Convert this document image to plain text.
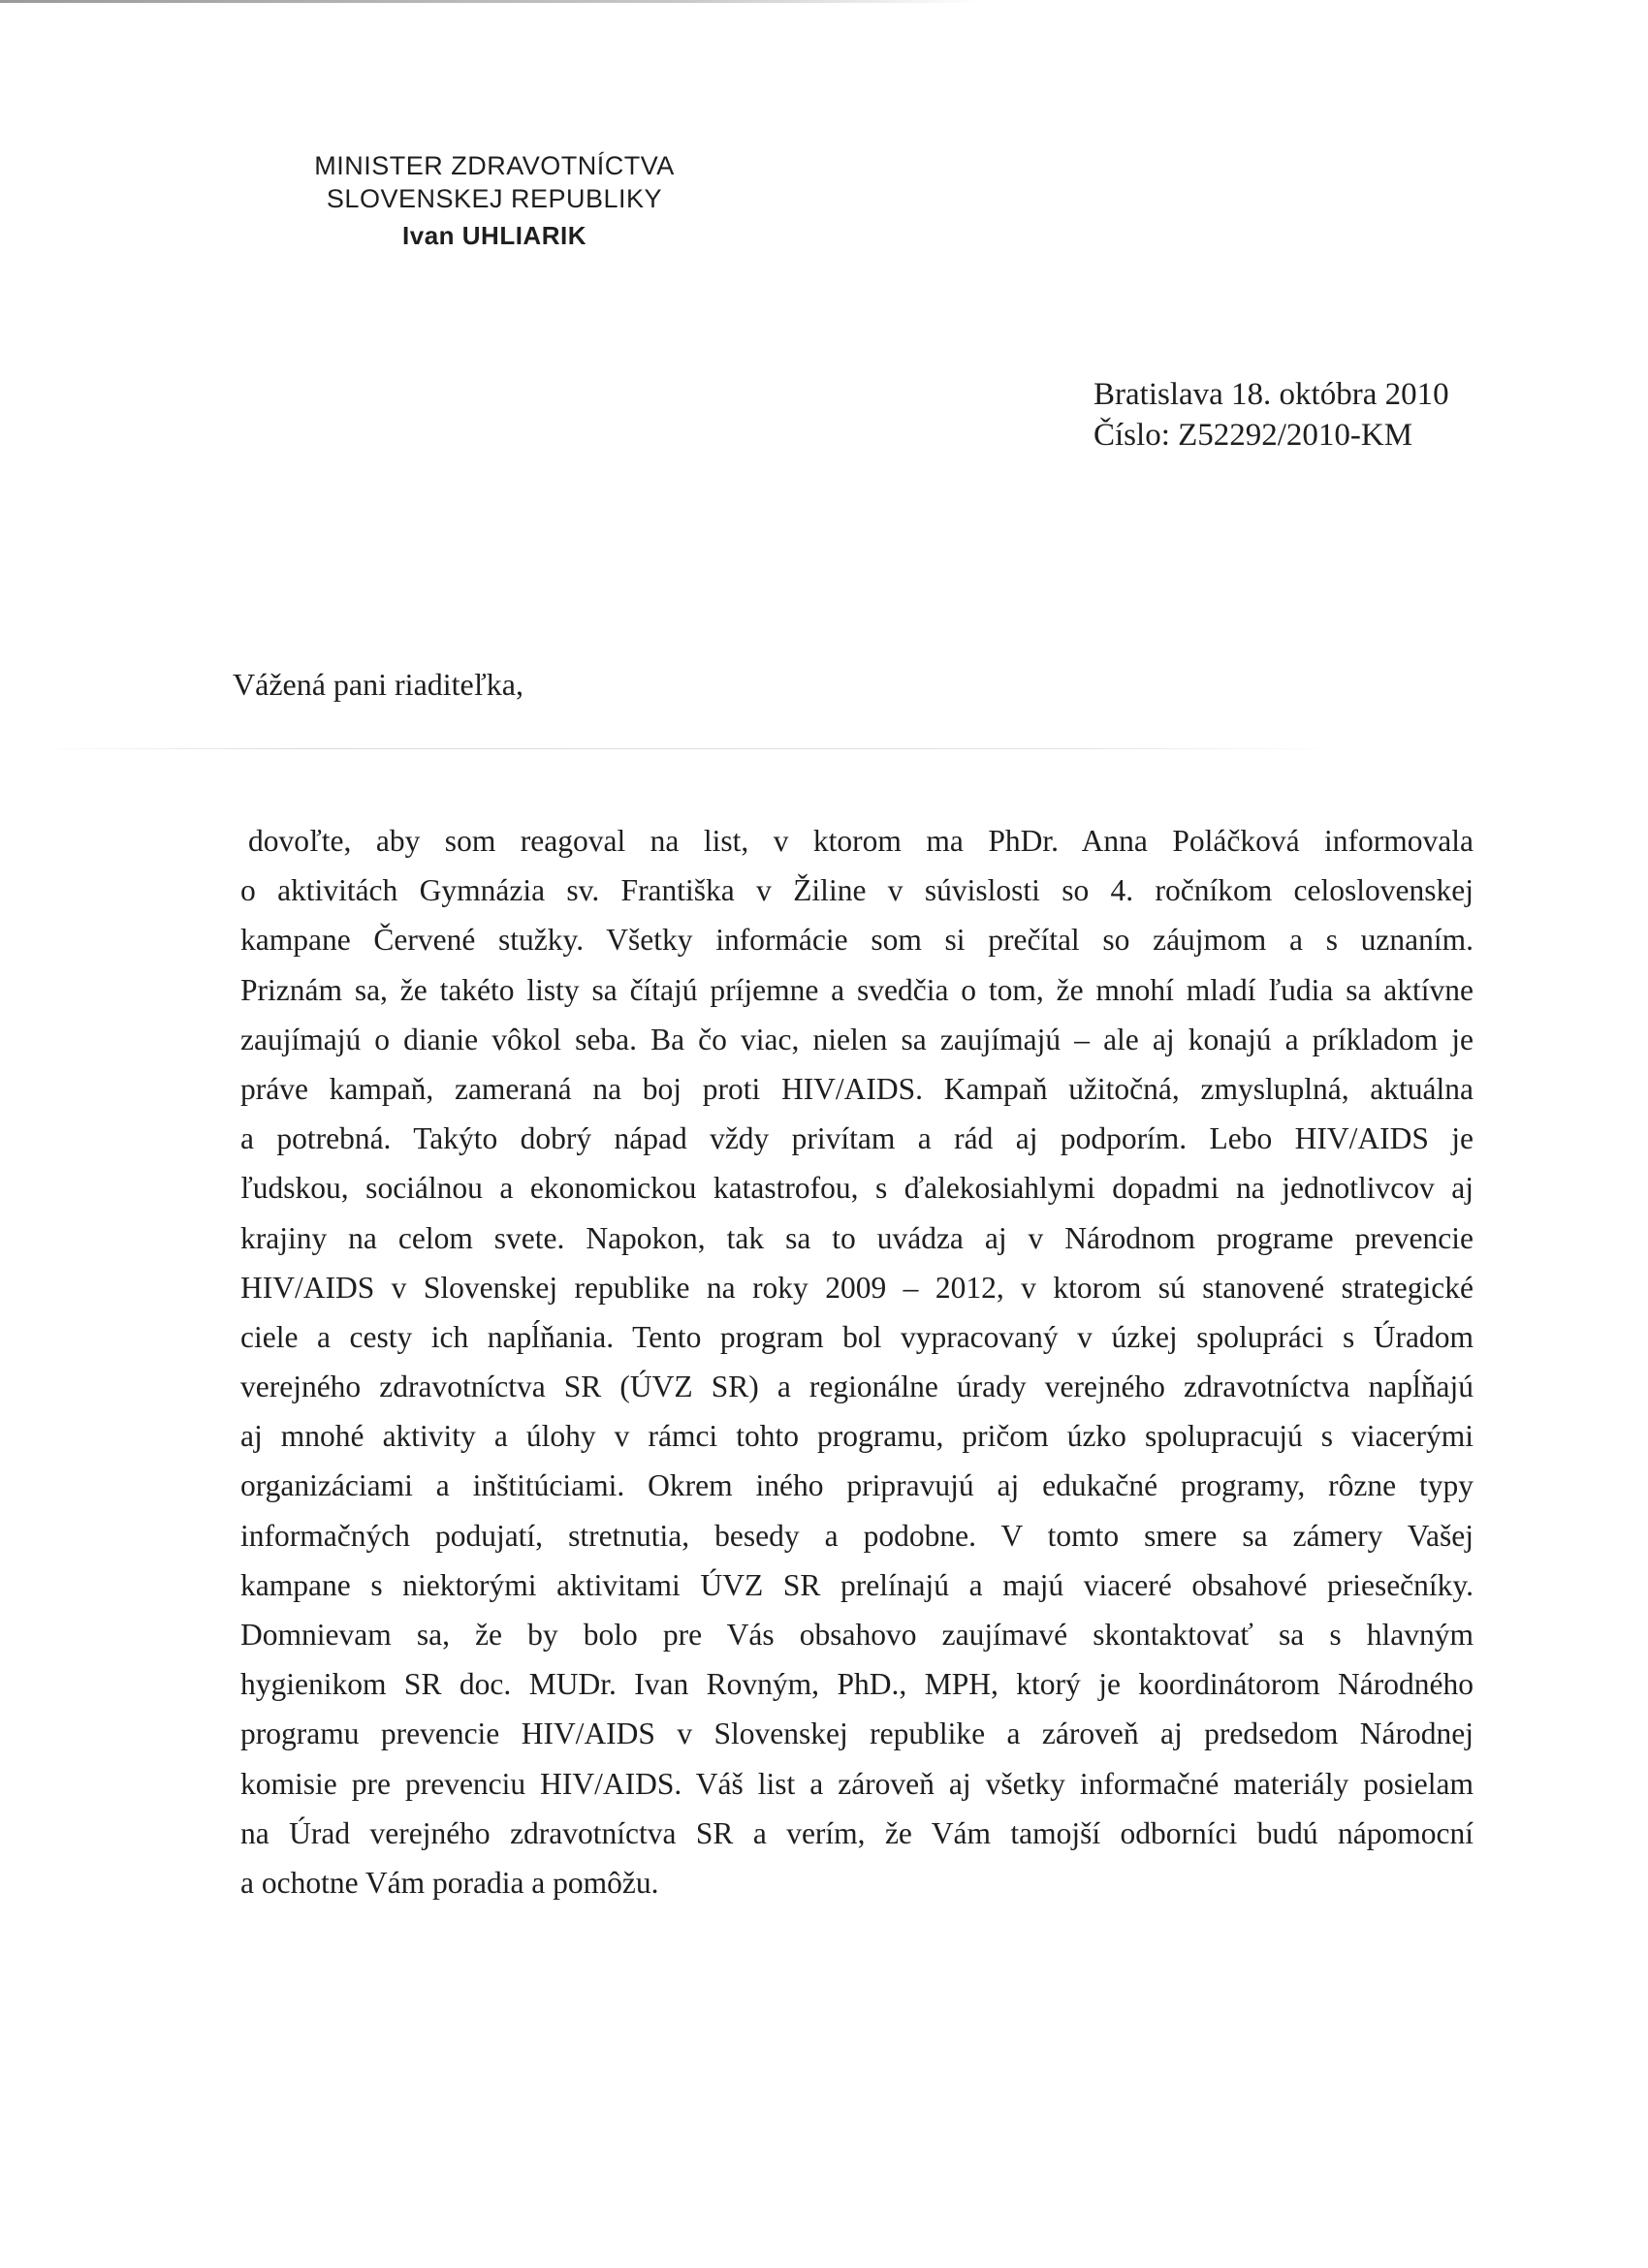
MINISTER ZDRAVOTNÍCTVA
SLOVENSKEJ REPUBLIKY
Ivan UHLIARIK
Bratislava 18. októbra 2010
Číslo: Z52292/2010-KM
Vážená pani riaditeľka,
dovoľte, aby som reagoval na list, v ktorom ma PhDr. Anna Poláčková informovala
o aktivitách Gymnázia sv. Františka v Žiline v súvislosti so 4. ročníkom celoslovenskej
kampane Červené stužky. Všetky informácie som si prečítal so záujmom a s uznaním.
Priznám sa, že takéto listy sa čítajú príjemne a svedčia o tom, že mnohí mladí ľudia sa aktívne
zaujímajú o dianie vôkol seba. Ba čo viac, nielen sa zaujímajú – ale aj konajú a príkladom je
práve kampaň, zameraná na boj proti HIV/AIDS. Kampaň užitočná, zmysluplná, aktuálna
a potrebná. Takýto dobrý nápad vždy privítam a rád aj podporím. Lebo HIV/AIDS je
ľudskou, sociálnou a ekonomickou katastrofou, s ďalekosiahlymi dopadmi na jednotlivcov aj
krajiny na celom svete. Napokon, tak sa to uvádza aj v Národnom programe prevencie
HIV/AIDS v Slovenskej republike na roky 2009 – 2012, v ktorom sú stanovené strategické
ciele a cesty ich napĺňania. Tento program bol vypracovaný v úzkej spolupráci s Úradom
verejného zdravotníctva SR (ÚVZ SR) a regionálne úrady verejného zdravotníctva napĺňajú
aj mnohé aktivity a úlohy v rámci tohto programu, pričom úzko spolupracujú s viacerými
organizáciami a inštitúciami. Okrem iného pripravujú aj edukačné programy, rôzne typy
informačných podujatí, stretnutia, besedy a podobne. V tomto smere sa zámery Vašej
kampane s niektorými aktivitami ÚVZ SR prelínajú a majú viaceré obsahové priesečníky.
Domnievam sa, že by bolo pre Vás obsahovo zaujímavé skontaktovať sa s hlavným
hygienikom SR doc. MUDr. Ivan Rovným, PhD., MPH, ktorý je koordinátorom Národného
programu prevencie HIV/AIDS v Slovenskej republike a zároveň aj predsedom Národnej
komisie pre prevenciu HIV/AIDS. Váš list a zároveň aj všetky informačné materiály posielam
na Úrad verejného zdravotníctva SR a verím, že Vám tamojší odborníci budú nápomocní
a ochotne Vám poradia a pomôžu.
